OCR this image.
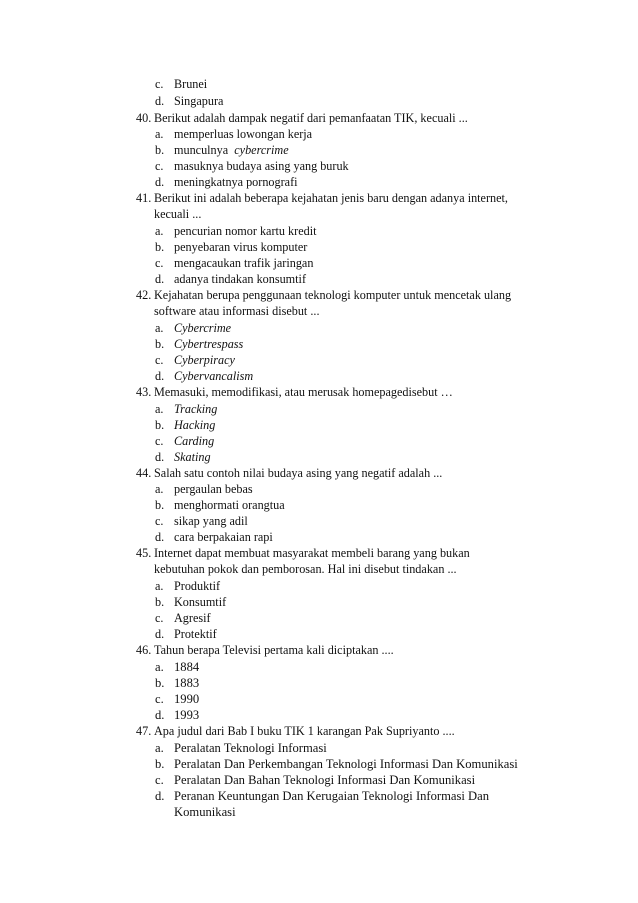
c. Brunei
d. Singapura
40. Berikut adalah dampak negatif dari pemanfaatan TIK, kecuali ...
a. memperluas lowongan kerja
b. munculnya cybercrime
c. masuknya budaya asing yang buruk
d. meningkatnya pornografi
41. Berikut ini adalah beberapa kejahatan jenis baru dengan adanya internet,
kecuali ...
a. pencurian nomor kartu kredit
b. penyebaran virus komputer
c. mengacaukan trafik jaringan
d. adanya tindakan konsumtif
42. Kejahatan berupa penggunaan teknologi komputer untuk mencetak ulang
software atau informasi disebut ...
a. Cybercrime
b. Cybertrespass
c. Cyberpiracy
d. Cybervancalism
43. Memasuki, memodifikasi, atau merusak homepagedisebut …
a. Tracking
b. Hacking
c. Carding
d. Skating
44. Salah satu contoh nilai budaya asing yang negatif adalah ...
a. pergaulan bebas
b. menghormati orangtua
c. sikap yang adil
d. cara berpakaian rapi
45. Internet dapat membuat masyarakat membeli barang yang bukan
kebutuhan pokok dan pemborosan. Hal ini disebut tindakan ...
a. Produktif
b. Konsumtif
c. Agresif
d. Protektif
46. Tahun berapa Televisi pertama kali diciptakan ....
a. 1884
b. 1883
c. 1990
d. 1993
47. Apa judul dari Bab I buku TIK 1 karangan Pak Supriyanto ....
a. Peralatan Teknologi Informasi
b. Peralatan Dan Perkembangan Teknologi Informasi Dan Komunikasi
c. Peralatan Dan Bahan Teknologi Informasi Dan Komunikasi
d. Peranan Keuntungan Dan Kerugaian Teknologi Informasi Dan
Komunikasi
